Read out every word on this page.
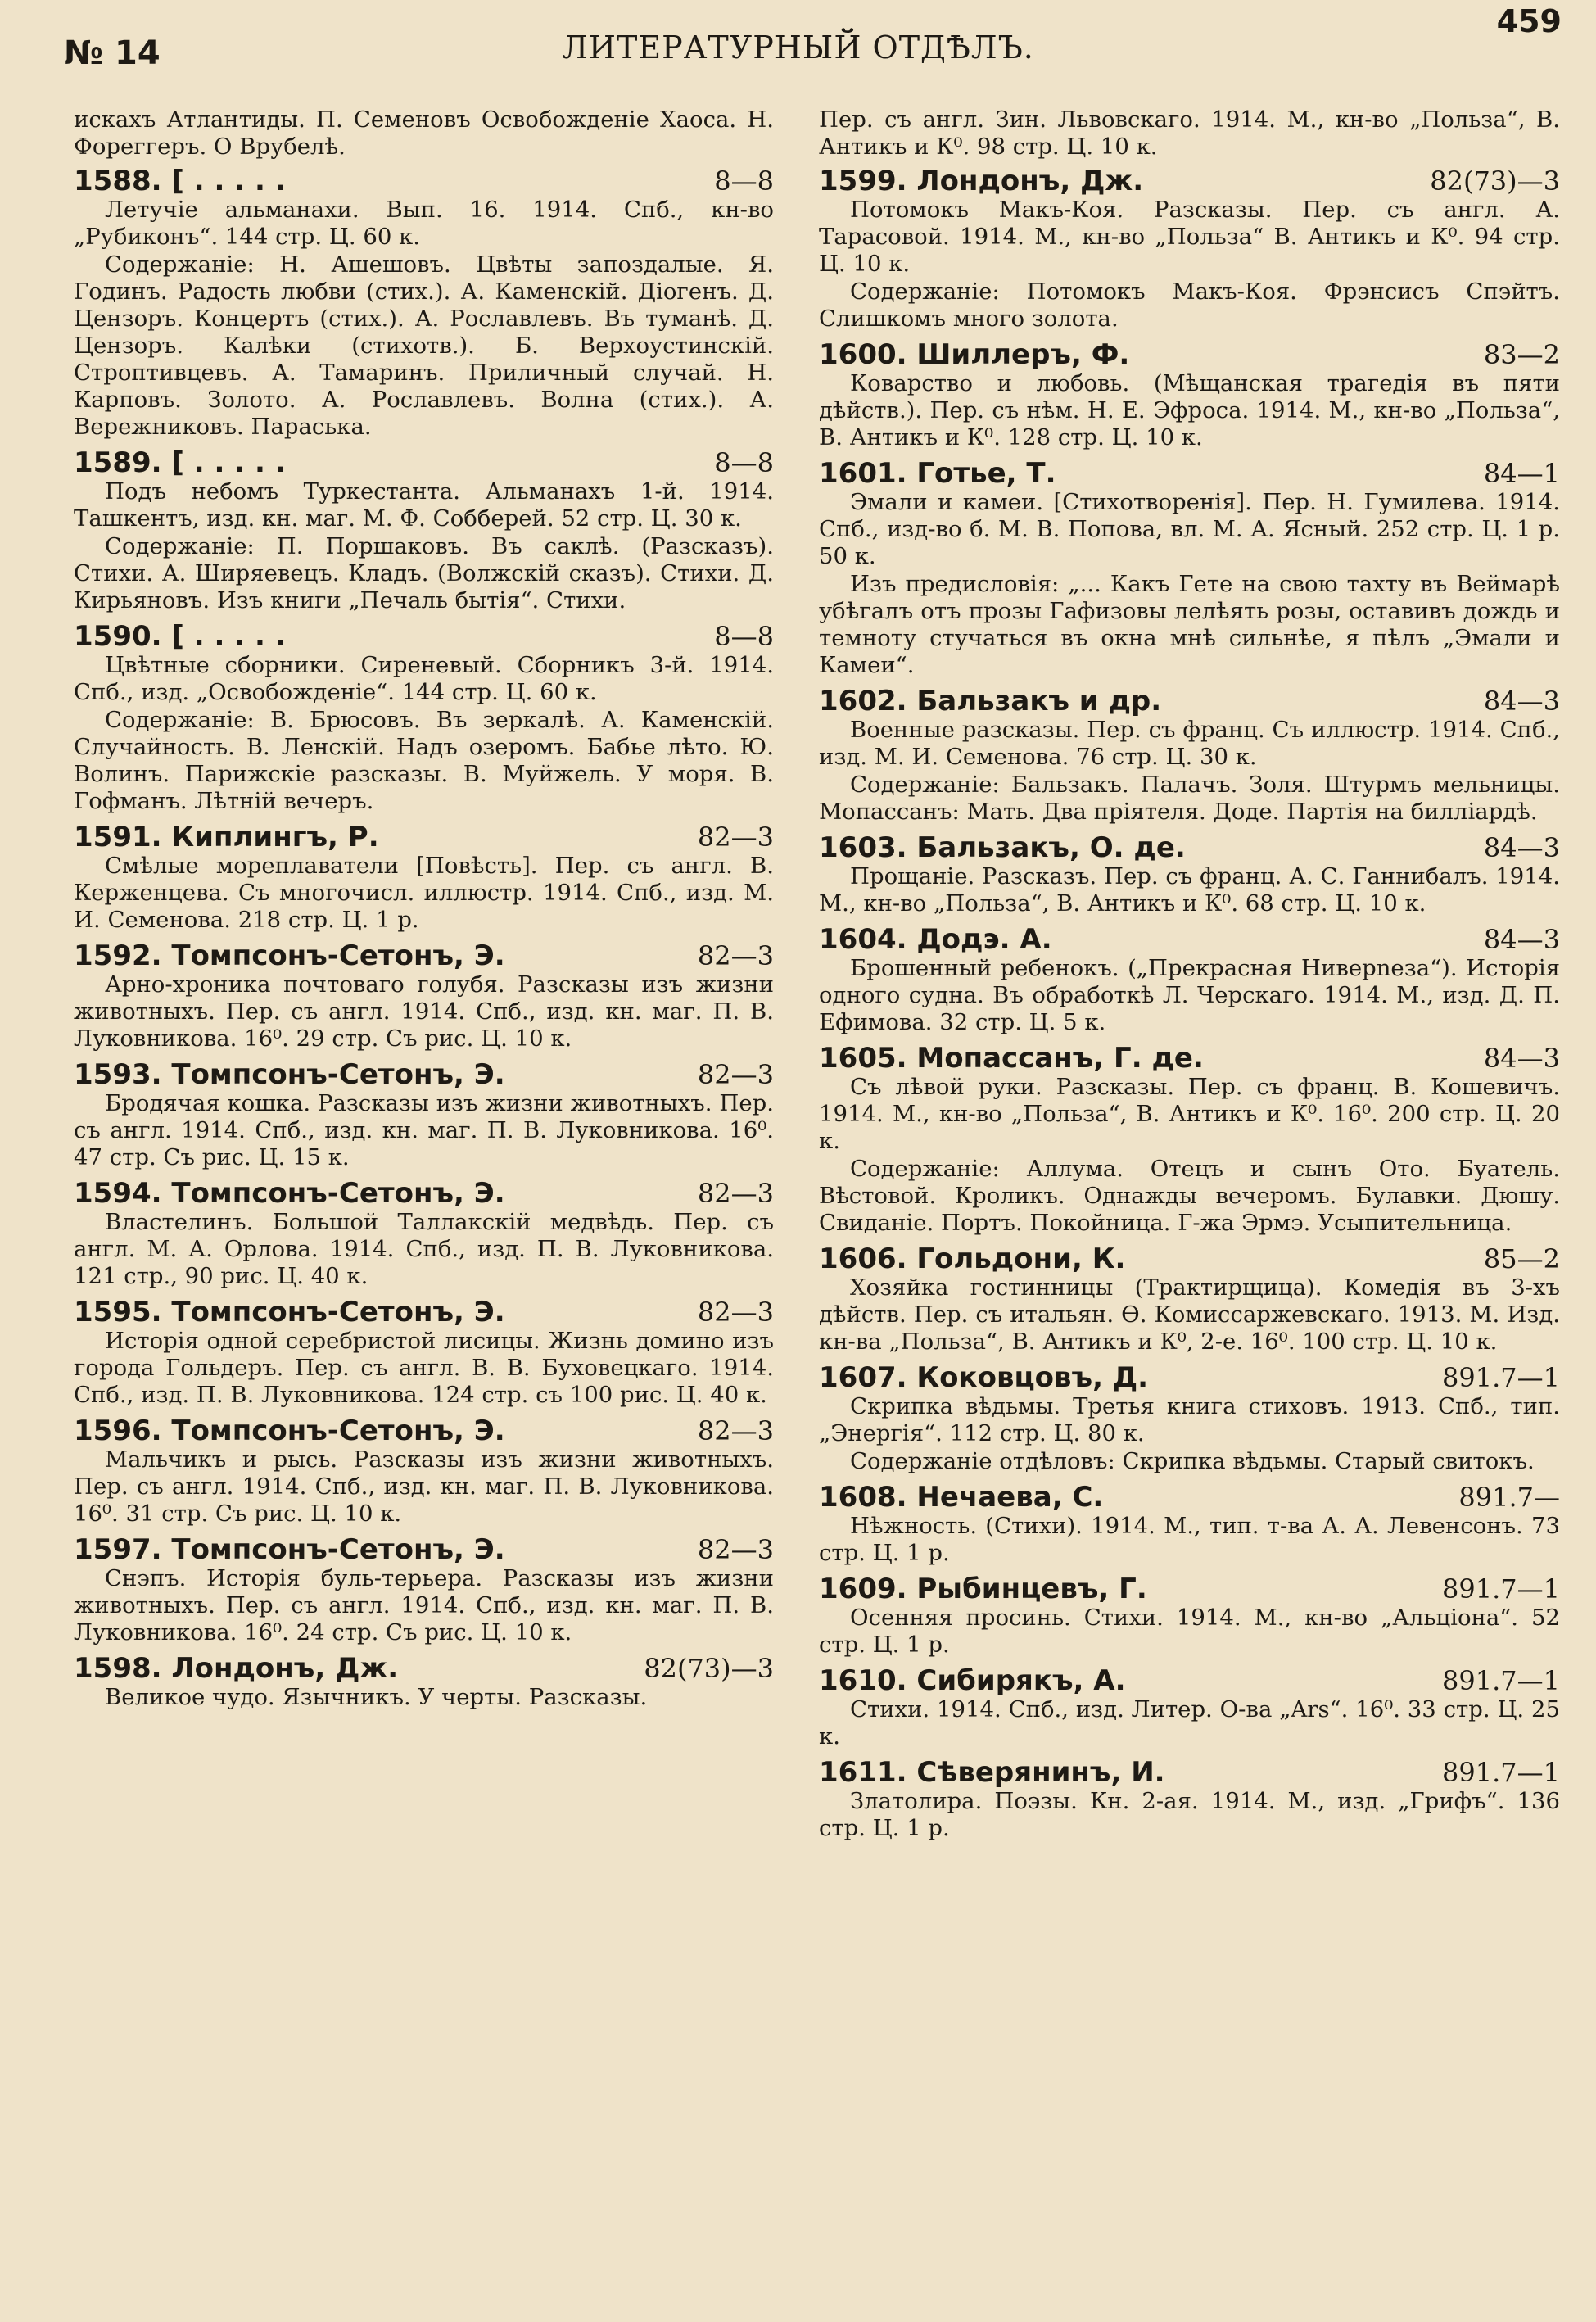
№ 14	ЛИТЕРАТУРНЫЙ ОТДѢЛЪ.
459

искахъ Атлантиды. П. Семеновъ Освобожденіе Хаоса. Н. Фореггеръ. О Врубелѣ.

1588. [ . . . . .	8—8

Летучіе альманахи. Вып. 16. 1914. Спб., кн-во „Рубиконъ“. 144 стр. Ц. 60 к.

Содержаніе: Н. Ашешовъ. Цвѣты запоздалые. Я. Годинъ. Радость любви (стих.). А. Каменскій. Діогенъ. Д. Цензоръ. Концертъ (стих.). А. Рославлевъ. Въ туманѣ. Д. Цензоръ. Калѣки (стихотв.). Б. Верхоустинскій. Строптивцевъ. А. Тамаринъ. Приличный случай. Н. Карповъ. Золото. А. Рославлевъ. Волна (стих.). А. Вережниковъ. Параська.

1589. [ . . . . .	8—8

Подъ небомъ Туркестанта. Альманахъ 1-й. 1914. Ташкентъ, изд. кн. маг. М. Ф. Собберей. 52 стр. Ц. 30 к.

Содержаніе: П. Поршаковъ. Въ саклѣ. (Разсказъ). Стихи. А. Ширяевецъ. Кладъ. (Волжскій сказъ). Стихи. Д. Кирьяновъ. Изъ книги „Печаль бытія“. Стихи.

1590. [ . . . . .	8—8

Цвѣтные сборники. Сиреневый. Сборникъ 3-й. 1914. Спб., изд. „Освобожденіе“. 144 стр. Ц. 60 к.

Содержаніе: В. Брюсовъ. Въ зеркалѣ. А. Каменскій. Случайность. В. Ленскій. Надъ озеромъ. Бабье лѣто. Ю. Волинъ. Парижскіе разсказы. В. Муйжель. У моря. В. Гофманъ. Лѣтній вечеръ.

1591. Киплингъ, Р.	82—3

Смѣлые мореплаватели [Повѣсть]. Пер. съ англ. В. Керженцева. Съ многочисл. иллюстр. 1914. Спб., изд. М. И. Семенова. 218 стр. Ц. 1 р.

1592. Томпсонъ-Сетонъ, Э.	82—3

Арно-хроника почтоваго голубя. Разсказы изъ жизни животныхъ. Пер. съ англ. 1914. Спб., изд. кн. маг. П. В. Луковникова. 16⁰. 29 стр. Съ рис. Ц. 10 к.

1593. Томпсонъ-Сетонъ, Э.	82—3

Бродячая кошка. Разсказы изъ жизни животныхъ. Пер. съ англ. 1914. Спб., изд. кн. маг. П. В. Луковникова. 16⁰. 47 стр. Съ рис. Ц. 15 к.

1594. Томпсонъ-Сетонъ, Э.	82—3

Властелинъ. Большой Таллакскій медвѣдь. Пер. съ англ. М. А. Орлова. 1914. Спб., изд. П. В. Луковникова. 121 стр., 90 рис. Ц. 40 к.

1595. Томпсонъ-Сетонъ, Э.	82—3

Исторія одной серебристой лисицы. Жизнь домино изъ города Гольдеръ. Пер. съ англ. В. В. Буховецкаго. 1914. Спб., изд. П. В. Луковникова. 124 стр. съ 100 рис. Ц. 40 к.

1596. Томпсонъ-Сетонъ, Э.	82—3

Мальчикъ и рысь. Разсказы изъ жизни животныхъ. Пер. съ англ. 1914. Спб., изд. кн. маг. П. В. Луковникова. 16⁰. 31 стр. Съ рис. Ц. 10 к.

1597. Томпсонъ-Сетонъ, Э.	82—3

Снэпъ. Исторія буль-терьера. Разсказы изъ жизни животныхъ. Пер. съ англ. 1914. Спб., изд. кн. маг. П. В. Луковникова. 16⁰. 24 стр. Съ рис. Ц. 10 к.

1598. Лондонъ, Дж.	82(73)—3

Великое чудо. Язычникъ. У черты. Разсказы.

Пер. съ англ. Зин. Львовскаго. 1914. М., кн-во „Польза“, В. Антикъ и К⁰. 98 стр. Ц. 10 к.

1599. Лондонъ, Дж.	82(73)—3

Потомокъ Макъ-Коя. Разсказы. Пер. съ англ. А. Тарасовой. 1914. М., кн-во „Польза“ В. Антикъ и К⁰. 94 стр. Ц. 10 к.

Содержаніе: Потомокъ Макъ-Коя. Фрэнсисъ Спэйтъ. Слишкомъ много золота.

1600. Шиллеръ, Ф.	83—2

Коварство и любовь. (Мѣщанская трагедія въ пяти дѣйств.). Пер. съ нѣм. Н. Е. Эфроса. 1914. М., кн-во „Польза“, В. Антикъ и К⁰. 128 стр. Ц. 10 к.

1601. Готье, Т.	84—1

Эмали и камеи. [Стихотворенія]. Пер. Н. Гумилева. 1914. Спб., изд-во б. М. В. Попова, вл. М. А. Ясный. 252 стр. Ц. 1 р. 50 к.

Изъ предисловія: „... Какъ Гете на свою тахту въ Веймарѣ убѣгалъ отъ прозы Гафизовы лелѣять розы, оставивъ дождь и темноту стучаться въ окна мнѣ сильнѣе, я пѣлъ „Эмали и Камеи“.

1602. Бальзакъ и др.	84—3

Военные разсказы. Пер. съ франц. Съ иллюстр. 1914. Спб., изд. М. И. Семенова. 76 стр. Ц. 30 к.

Содержаніе: Бальзакъ. Палачъ. Золя. Штурмъ мельницы. Мопассанъ: Мать. Два пріятеля. Доде. Партія на билліардѣ.

1603. Бальзакъ, О. де.	84—3

Прощаніе. Разсказъ. Пер. съ франц. А. С. Ганнибалъ. 1914. М., кн-во „Польза“, В. Антикъ и К⁰. 68 стр. Ц. 10 к.

1604. Додэ. А.	84—3

Брошенный ребенокъ. („Прекрасная Ниверneза“). Исторія одного судна. Въ обработкѣ Л. Черскаго. 1914. М., изд. Д. П. Ефимова. 32 стр. Ц. 5 к.

1605. Мопассанъ, Г. де.	84—3

Съ лѣвой руки. Разсказы. Пер. съ франц. В. Кошевичъ. 1914. М., кн-во „Польза“, В. Антикъ и К⁰. 16⁰. 200 стр. Ц. 20 к.

Содержаніе: Аллума. Отецъ и сынъ Ото. Буатель. Вѣстовой. Кроликъ. Однажды вечеромъ. Булавки. Дюшу. Свиданіе. Портъ. Покойница. Г-жа Эрмэ. Усыпительница.

1606. Гольдони, К.	85—2

Хозяйка гостинницы (Трактирщица). Комедія въ 3-хъ дѣйств. Пер. съ итальян. Ѳ. Комиссаржевскаго. 1913. М. Изд. кн-ва „Польза“, В. Антикъ и К⁰, 2-е. 16⁰. 100 стр. Ц. 10 к.

1607. Коковцовъ, Д.	891.7—1

Скрипка вѣдьмы. Третья книга стиховъ. 1913. Спб., тип. „Энергія“. 112 стр. Ц. 80 к.

Содержаніе отдѣловъ: Скрипка вѣдьмы. Старый свитокъ.

1608. Нечаева, С.	891.7—

Нѣжность. (Стихи). 1914. М., тип. т-ва А. А. Левенсонъ. 73 стр. Ц. 1 р.

1609. Рыбинцевъ, Г.	891.7—1

Осенняя просинь. Стихи. 1914. М., кн-во „Альціона“. 52 стр. Ц. 1 р.

1610. Сибирякъ, А.	891.7—1

Стихи. 1914. Спб., изд. Литер. О-ва „Ars“. 16⁰. 33 стр. Ц. 25 к.

1611. Сѣверянинъ, И.	891.7—1

Златолира. Поэзы. Кн. 2-ая. 1914. М., изд. „Грифъ“. 136 стр. Ц. 1 р.
